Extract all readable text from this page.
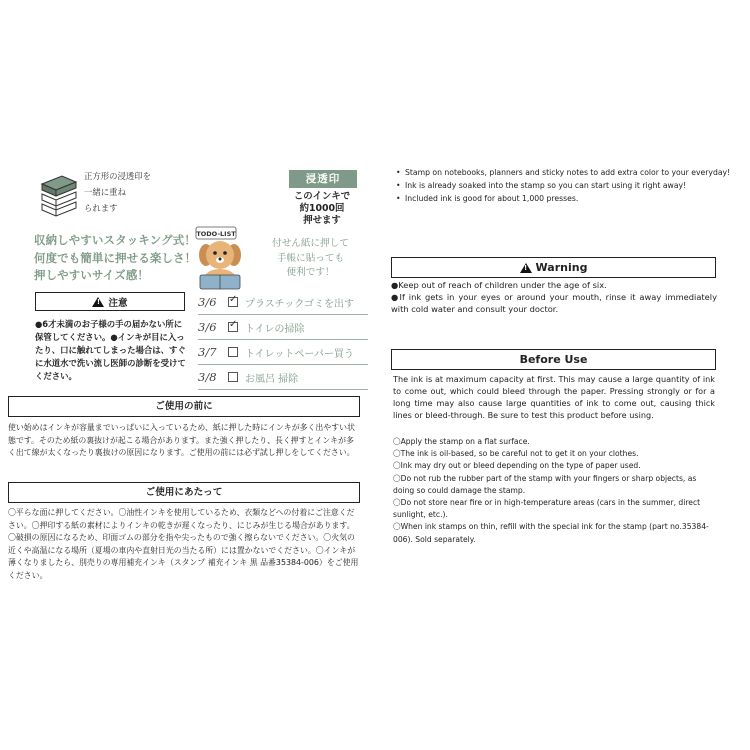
正方形の浸透印を
一緒に重ね
られます
浸透印
このインキで
約1000回
押せます
収納しやすいスタッキング式！
何度でも簡単に押せる楽しさ！
押しやすいサイズ感！
TODO-LIST
付せん紙に押して
手帳に貼っても
便利です！
3/6 ✓	プラスチックゴミを出す
3/6 ✓	トイレの掃除
3/7	トイレットペーパー買う
3/8	お風呂 掃除
!
注意
●6才未満のお子様の手の届かない所に保管してください。●インキが目に入ったり、口に触れてしまった場合は、すぐに水道水で洗い流し医師の診断を受けてください。
ご使用の前に
使い始めはインキが容量までいっぱいに入っているため、紙に押した時にインキが多く出やすい状態です。そのため紙の裏抜けが起こる場合があります。また強く押したり、長く押すとインキが多く出て線が太くなったり裏抜けの原因になります。ご使用の前には必ず試し押しをしてください。
ご使用にあたって
〇平らな面に押してください。〇油性インキを使用しているため、衣類などへの付着にご注意ください。〇押印する紙の素材によりインキの乾きが遅くなったり、にじみが生じる場合があります。〇破損の原因になるため、印面ゴムの部分を指や尖ったもので強く擦らないでください。〇火気の近くや高温になる場所（夏場の車内や直射日光の当たる所）には置かないでください。〇インキが薄くなりましたら、別売りの専用補充インキ（スタンプ 補充インキ 黒 品番35384-006）をご使用ください。
• Stamp on notebooks, planners and sticky notes to add extra color to your everyday!
• Ink is already soaked into the stamp so you can start using it right away!
• Included ink is good for about 1,000 presses.
!
Warning
●Keep out of reach of children under the age of six.
●If ink gets in your eyes or around your mouth, rinse it away immediately with cold water and consult your doctor.
Before Use
The ink is at maximum capacity at first. This may cause a large quantity of ink to come out, which could bleed through the paper. Pressing strongly or for a long time may also cause large quantities of ink to come out, causing thick lines or bleed-through. Be sure to test this product before using.
〇Apply the stamp on a flat surface.
〇The ink is oil-based, so be careful not to get it on your clothes.
〇Ink may dry out or bleed depending on the type of paper used.
〇Do not rub the rubber part of the stamp with your fingers or sharp objects, as doing so could damage the stamp.
〇Do not store near fire or in high-temperature areas (cars in the summer, direct sunlight, etc.).
〇When ink stamps on thin, refill with the special ink for the stamp (part no.35384-006). Sold separately.
